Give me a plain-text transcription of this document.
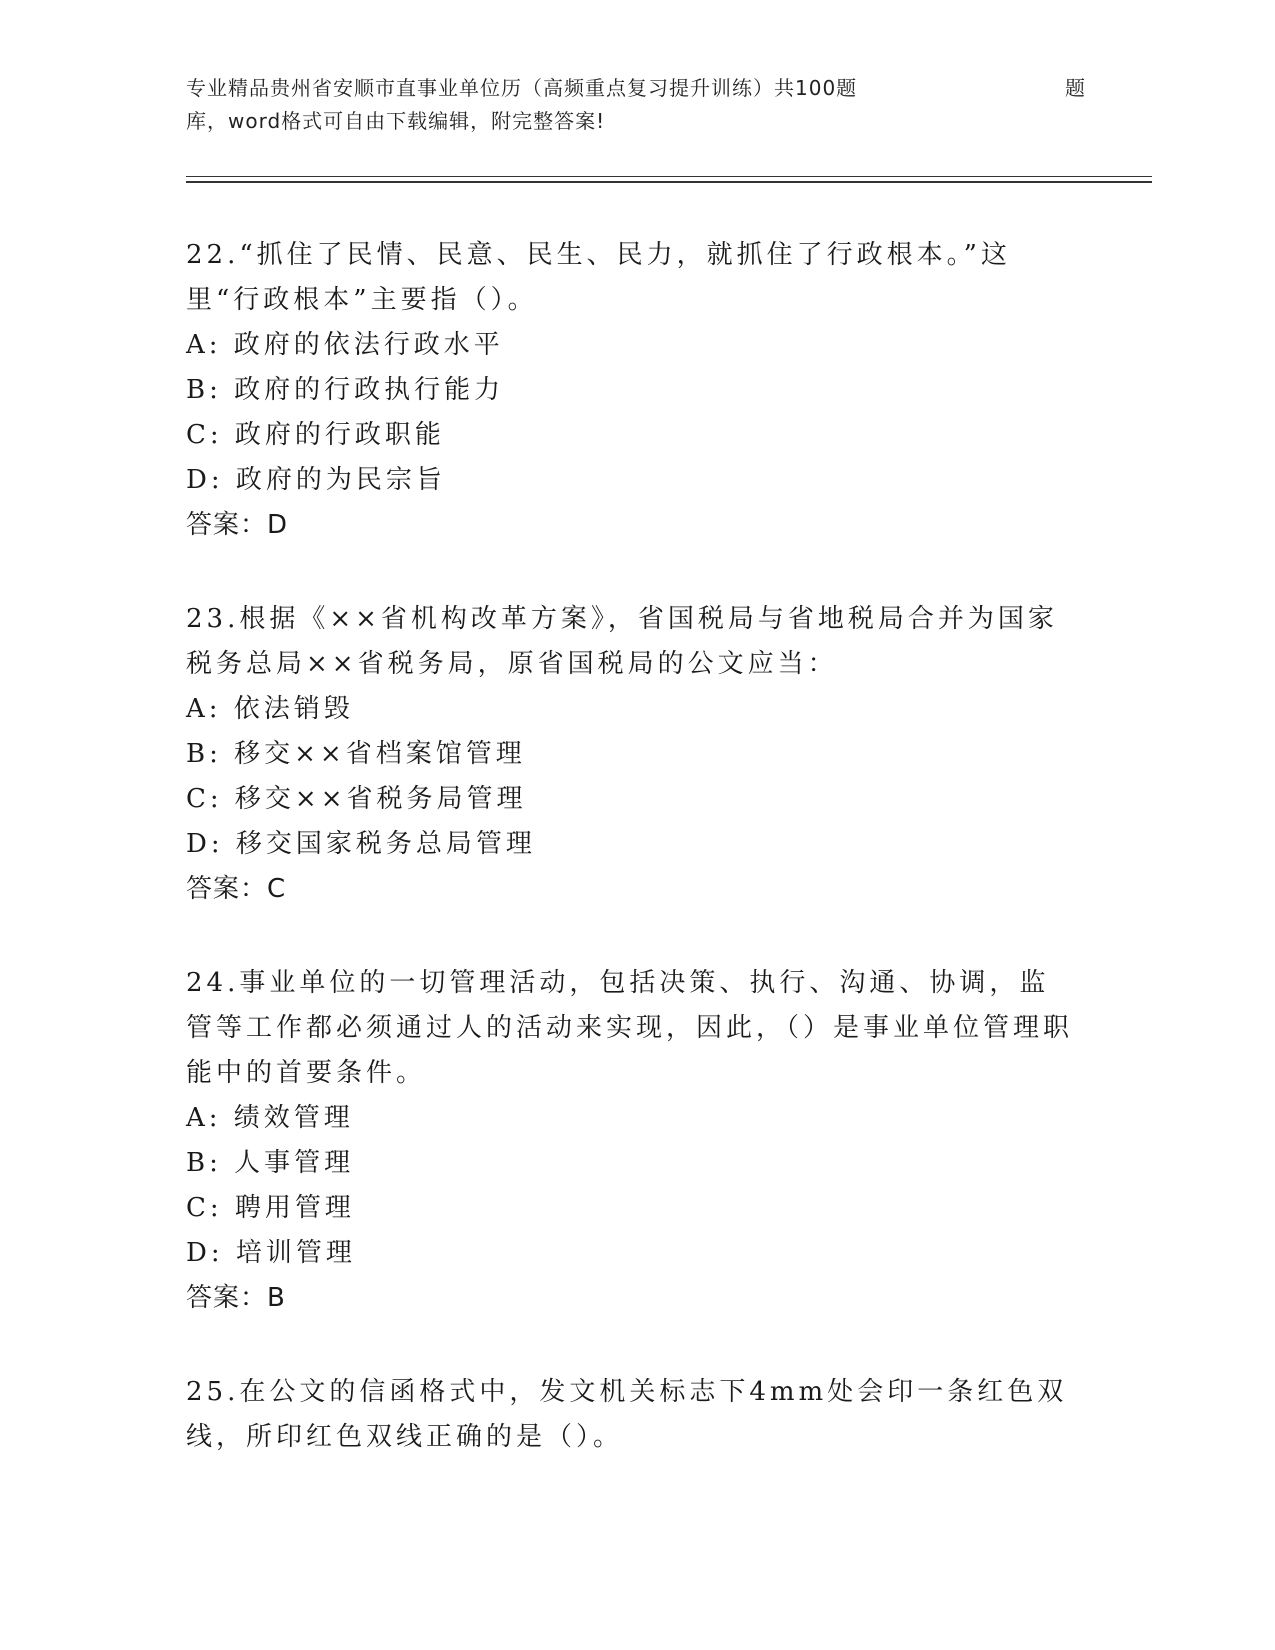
专业精品贵州省安顺市直事业单位历（高频重点复习提升训练）共100题	题
库，word格式可自由下载编辑，附完整答案!

22.“抓住了民情、民意、民生、民力，就抓住了行政根本。”这里“行政根本”主要指（）。

A: 政府的依法行政水平

B: 政府的行政执行能力

C: 政府的行政职能

D: 政府的为民宗旨

答案：D

23.根据《××省机构改革方案》，省国税局与省地税局合并为国家税务总局××省税务局，原省国税局的公文应当：

A: 依法销毁

B: 移交××省档案馆管理

C: 移交××省税务局管理

D: 移交国家税务总局管理

答案：C

24.事业单位的一切管理活动，包括决策、执行、沟通、协调，监管等工作都必须通过人的活动来实现，因此，（）是事业单位管理职能中的首要条件。

A: 绩效管理

B: 人事管理

C: 聘用管理

D: 培训管理

答案：B

25.在公文的信函格式中，发文机关标志下4mm处会印一条红色双线，所印红色双线正确的是（）。
